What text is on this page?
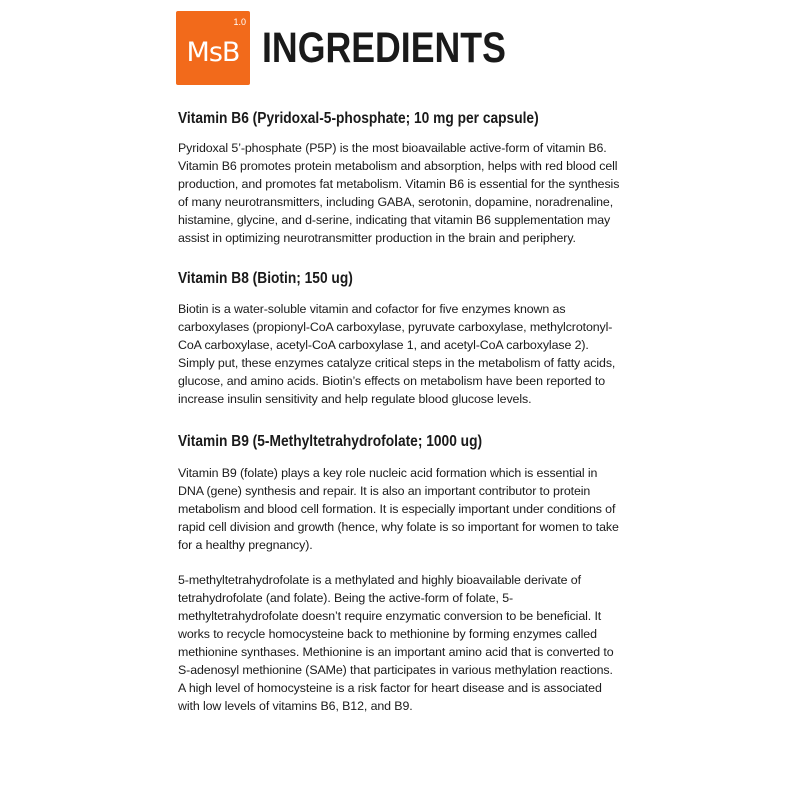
1.0
MsB INGREDIENTS
Vitamin B6 (Pyridoxal-5-phosphate; 10 mg per capsule)

Pyridoxal 5’-phosphate (P5P) is the most bioavailable active-form of vitamin B6. Vitamin B6 promotes protein metabolism and absorption, helps with red blood cell production, and promotes fat metabolism. Vitamin B6 is essential for the synthesis of many neurotransmitters, including GABA, serotonin, dopamine, noradrenaline, histamine, glycine, and d-serine, indicating that vitamin B6 supplementation may assist in optimizing neurotransmitter production in the brain and periphery.

Vitamin B8 (Biotin; 150 ug)

Biotin is a water-soluble vitamin and cofactor for five enzymes known as carboxylases (propionyl-CoA carboxylase, pyruvate carboxylase, methylcrotonyl-CoA carboxylase, acetyl-CoA carboxylase 1, and acetyl-CoA carboxylase 2). Simply put, these enzymes catalyze critical steps in the metabolism of fatty acids, glucose, and amino acids. Biotin’s effects on metabolism have been reported to increase insulin sensitivity and help regulate blood glucose levels.

Vitamin B9 (5-Methyltetrahydrofolate; 1000 ug)

Vitamin B9 (folate) plays a key role nucleic acid formation which is essential in DNA (gene) synthesis and repair. It is also an important contributor to protein metabolism and blood cell formation. It is especially important under conditions of rapid cell division and growth (hence, why folate is so important for women to take for a healthy pregnancy).

5-methyltetrahydrofolate is a methylated and highly bioavailable derivate of tetrahydrofolate (and folate). Being the active-form of folate, 5-methyltetrahydrofolate doesn’t require enzymatic conversion to be beneficial. It works to recycle homocysteine back to methionine by forming enzymes called methionine synthases. Methionine is an important amino acid that is converted to S-adenosyl methionine (SAMe) that participates in various methylation reactions. A high level of homocysteine is a risk factor for heart disease and is associated with low levels of vitamins B6, B12, and B9.
